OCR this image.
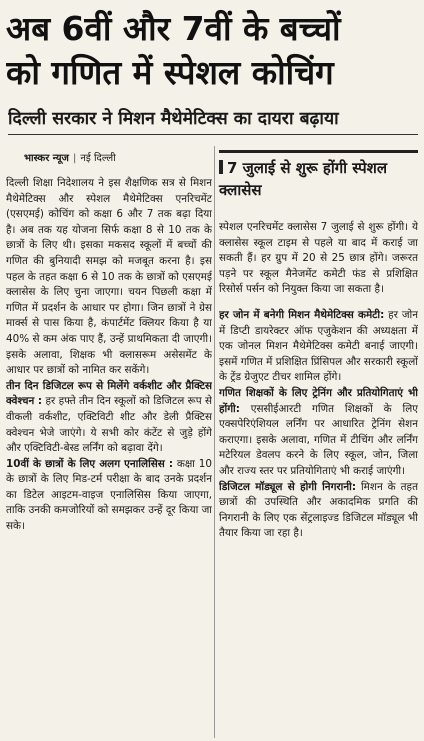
अब 6वीं और 7वीं के बच्चों
को गणित में स्पेशल कोचिंग
दिल्ली सरकार ने मिशन मैथेमेटिक्स का दायरा बढ़ाया
भास्कर न्यूज | नई दिल्ली

दिल्ली शिक्षा निदेशालय ने इस शैक्षणिक सत्र से मिशन मैथेमेटिक्स और स्पेशल मैथेमेटिक्स एनरिचमेंट (एसएमई) कोचिंग को कक्षा 6 और 7 तक बढ़ा दिया है। अब तक यह योजना सिर्फ कक्षा 8 से 10 तक के छात्रों के लिए थी। इसका मकसद स्कूलों में बच्चों की गणित की बुनियादी समझ को मजबूत करना है। इस पहल के तहत कक्षा 6 से 10 तक के छात्रों को एसएमई क्लासेस के लिए चुना जाएगा। चयन पिछली कक्षा में गणित में प्रदर्शन के आधार पर होगा। जिन छात्रों ने ग्रेस मार्क्स से पास किया है, कंपार्टमेंट क्लियर किया है या 40% से कम अंक पाए हैं, उन्हें प्राथमिकता दी जाएगी। इसके अलावा, शिक्षक भी क्लासरूम असेसमेंट के आधार पर छात्रों को नामित कर सकेंगे।

तीन दिन डिजिटल रूप से मिलेंगे वर्कशीट और प्रैक्टिस क्वेश्चन : हर हफ्ते तीन दिन स्कूलों को डिजिटल रूप से वीकली वर्कशीट, एक्टिविटी शीट और डेली प्रैक्टिस क्वेश्चन भेजे जाएंगे। ये सभी कोर कंटेंट से जुड़े होंगे और एक्टिविटी-बेस्ड लर्निंग को बढ़ावा देंगे।

10वीं के छात्रों के लिए अलग एनालिसिस : कक्षा 10 के छात्रों के लिए मिड-टर्म परीक्षा के बाद उनके प्रदर्शन का डिटेल आइटम-वाइज एनालिसिस किया जाएगा, ताकि उनकी कमजोरियों को समझकर उन्हें दूर किया जा सके।

7 जुलाई से शुरू होंगी स्पेशल क्लासेस

स्पेशल एनरिचमेंट क्लासेस 7 जुलाई से शुरू होंगी। ये क्लासेस स्कूल टाइम से पहले या बाद में कराई जा सकती हैं। हर ग्रुप में 20 से 25 छात्र होंगे। जरूरत पड़ने पर स्कूल मैनेजमेंट कमेटी फंड से प्रशिक्षित रिसोर्स पर्सन को नियुक्त किया जा सकता है।

हर जोन में बनेगी मिशन मैथेमेटिक्स कमेटी: हर जोन में डिप्टी डायरेक्टर ऑफ एजुकेशन की अध्यक्षता में एक जोनल मिशन मैथेमेटिक्स कमेटी बनाई जाएगी। इसमें गणित में प्रशिक्षित प्रिंसिपल और सरकारी स्कूलों के ट्रेंड ग्रेजुएट टीचर शामिल होंगे।

गणित शिक्षकों के लिए ट्रेनिंग और प्रतियोगिताएं भी होंगी: एससीईआरटी गणित शिक्षकों के लिए एक्सपेरिएंशियल लर्निंग पर आधारित ट्रेनिंग सेशन कराएगा। इसके अलावा, गणित में टीचिंग और लर्निंग मटेरियल डेवलप करने के लिए स्कूल, जोन, जिला और राज्य स्तर पर प्रतियोगिताएं भी कराई जाएंगी।

डिजिटल मॉड्यूल से होगी निगरानी: मिशन के तहत छात्रों की उपस्थिति और अकादमिक प्रगति की निगरानी के लिए एक सेंट्रलाइज्ड डिजिटल मॉड्यूल भी तैयार किया जा रहा है।
